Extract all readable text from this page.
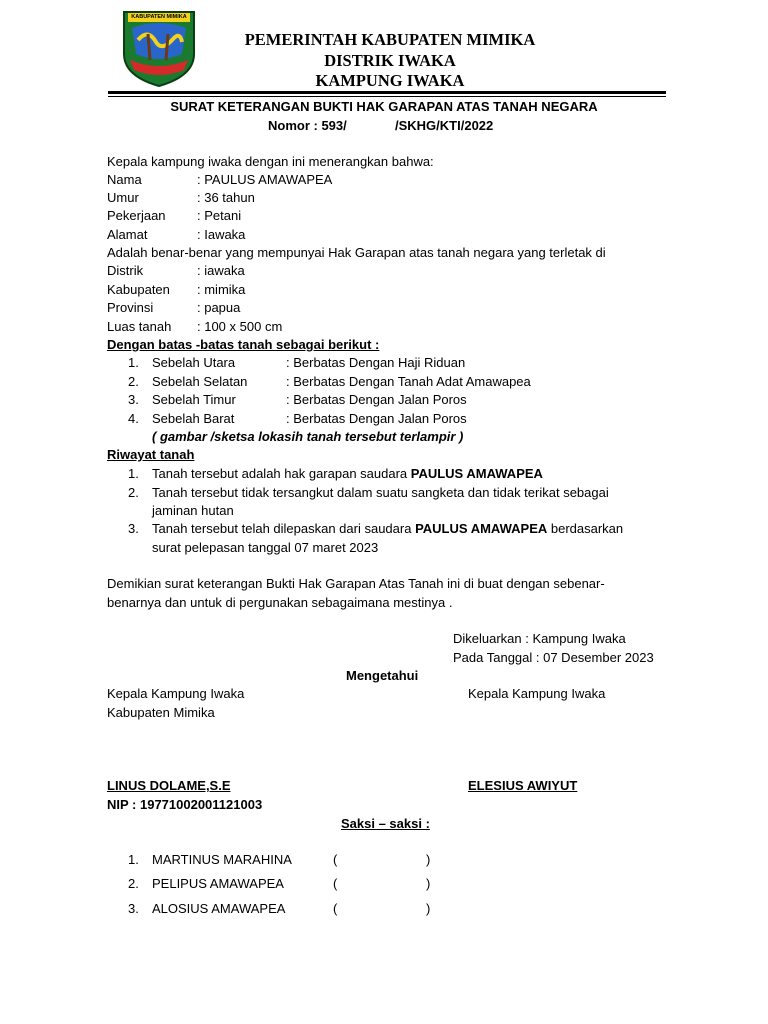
KABUPATEN MIMIKA
PEMERINTAH KABUPATEN MIMIKA
DISTRIK IWAKA
KAMPUNG IWAKA
SURAT KETERANGAN BUKTI HAK GARAPAN ATAS TANAH NEGARA
Nomor : 593/	/SKHG/KTI/2022
Kepala kampung iwaka dengan ini menerangkan bahwa:
Nama	: PAULUS AMAWAPEA
Umur	: 36 tahun
Pekerjaan : Petani
Alamat	: Iawaka
Adalah benar-benar yang mempunyai Hak Garapan atas tanah negara yang terletak di
Distrik	: iawaka
Kabupaten : mimika
Provinsi	: papua
Luas tanah : 100 x 500 cm
Dengan batas -batas tanah sebagai berikut :
1. Sebelah Utara	: Berbatas Dengan Haji Riduan
2. Sebelah Selatan	: Berbatas Dengan Tanah Adat Amawapea
3. Sebelah Timur	: Berbatas Dengan Jalan Poros
4. Sebelah Barat	: Berbatas Dengan Jalan Poros
( gambar /sketsa lokasih tanah tersebut terlampir )
Riwayat tanah
1. Tanah tersebut adalah hak garapan saudara PAULUS AMAWAPEA
2. Tanah tersebut tidak tersangkut dalam suatu sangketa dan tidak terikat sebagai
jaminan hutan
3. Tanah tersebut telah dilepaskan dari saudara PAULUS AMAWAPEA berdasarkan
surat pelepasan tanggal 07 maret 2023
Demikian surat keterangan Bukti Hak Garapan Atas Tanah ini di buat dengan sebenar-
benarnya dan untuk di pergunakan sebagaimana mestinya .
Dikeluarkan : Kampung Iwaka
Pada Tanggal : 07 Desember 2023
Mengetahui
Kepala Kampung Iwaka
Kabupaten Mimika
Kepala Kampung Iwaka
LINUS DOLAME,S.E
NIP : 19771002001121003
ELESIUS AWIYUT
Saksi – saksi :
1. MARTINUS MARAHINA	(	)
2. PELIPUS AMAWAPEA	(	)
3. ALOSIUS AMAWAPEA	(	)
